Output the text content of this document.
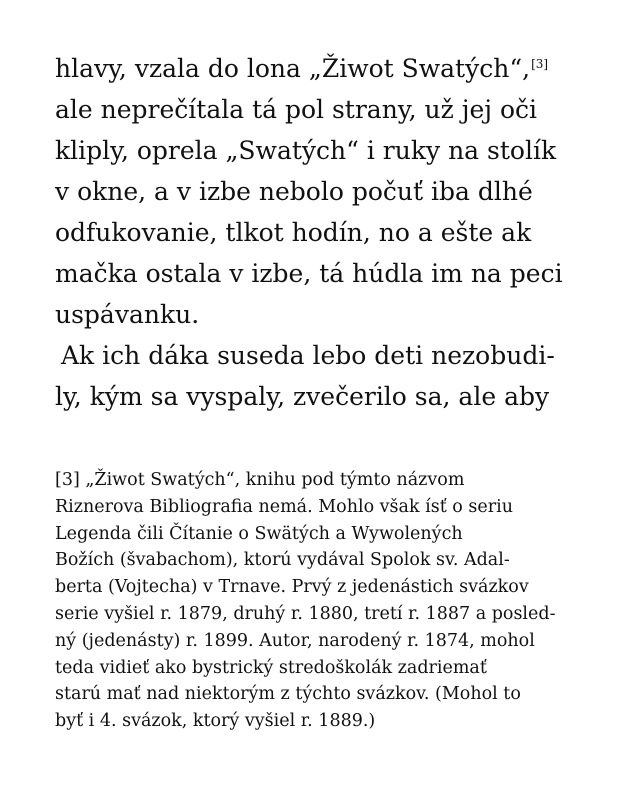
hlavy, vzala do lona „Žiwot Swatých“,[3]
ale neprečítala tá pol strany, už jej oči
kliply, oprela „Swatých“ i ruky na stolík
v okne, a v izbe nebolo počuť iba dlhé
odfukovanie, tlkot hodín, no a ešte ak
mačka ostala v izbe, tá húdla im na peci
uspávanku.
Ak ich dáka suseda lebo deti nezobudi-
ly, kým sa vyspaly, zvečerilo sa, ale aby
[3] „Žiwot Swatých“, knihu pod týmto názvom
Riznerova Bibliografia nemá. Mohlo však ísť o seriu
Legenda čili Čítanie o Swätých a Wywolených
Božích (švabachom), ktorú vydával Spolok sv. Adal-
berta (Vojtecha) v Trnave. Prvý z jedenástich svázkov
serie vyšiel r. 1879, druhý r. 1880, tretí r. 1887 a posled-
ný (jedenásty) r. 1899. Autor, narodený r. 1874, mohol
teda vidieť ako bystrický stredoškolák zadriemať
starú mať nad niektorým z týchto svázkov. (Mohol to
byť i 4. svázok, ktorý vyšiel r. 1889.)
